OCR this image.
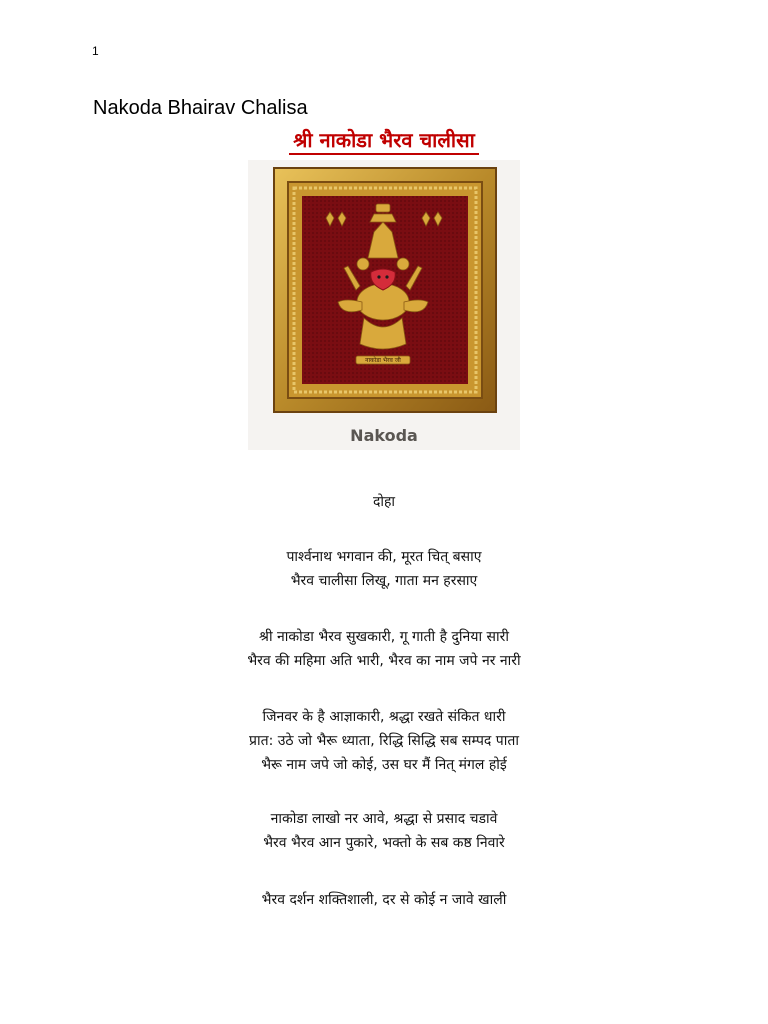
1
Nakoda Bhairav Chalisa
श्री नाकोडा भैरव चालीसा
नाकोडा भैरव जी
Nakoda
दोहा
पार्श्वनाथ भगवान की, मूरत चित् बसाए
भैरव चालीसा लिखू, गाता मन हरसाए
श्री नाकोडा भैरव सुखकारी, गू गाती है दुनिया सारी
भैरव की महिमा अति भारी, भैरव का नाम जपे नर नारी
जिनवर के है आज्ञाकारी, श्रद्धा रखते संकित धारी
प्रात: उठे जो भैरू ध्याता, रिद्धि सिद्धि सब सम्पद पाता
भैरू नाम जपे जो कोई, उस घर मैं नित् मंगल होई
नाकोडा लाखो नर आवे, श्रद्धा से प्रसाद चडावे
भैरव भैरव आन पुकारे, भक्तो के सब कष्ठ निवारे
भैरव दर्शन शक्तिशाली, दर से कोई न जावे खाली
